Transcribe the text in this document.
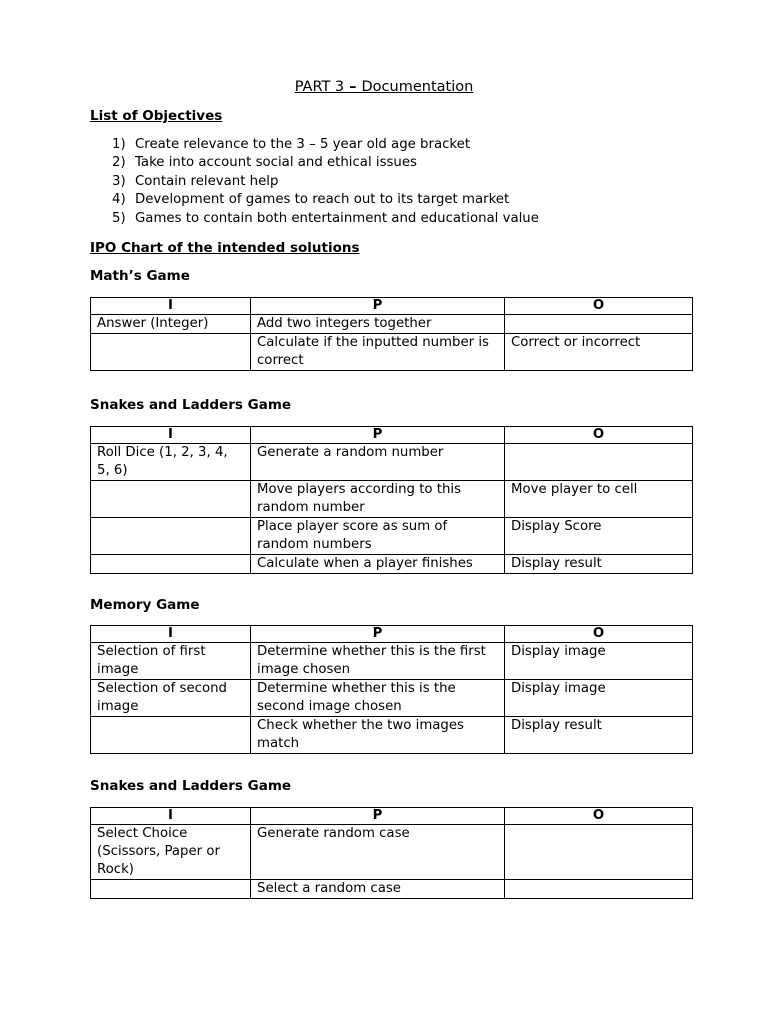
PART 3 – Documentation
List of Objectives
1) Create relevance to the 3 – 5 year old age bracket
2) Take into account social and ethical issues
3) Contain relevant help
4) Development of games to reach out to its target market
5) Games to contain both entertainment and educational value
IPO Chart of the intended solutions
Math’s Game
I	P	O
Answer (Integer)	Add two integers together	
	Calculate if the inputted number is correct	Correct or incorrect
Snakes and Ladders Game
I	P	O
Roll Dice (1, 2, 3, 4, 5, 6)	Generate a random number	
	Move players according to this random number	Move player to cell
	Place player score as sum of random numbers	Display Score
	Calculate when a player finishes	Display result
Memory Game
I	P	O
Selection of first image	Determine whether this is the first image chosen	Display image
Selection of second image	Determine whether this is the second image chosen	Display image
	Check whether the two images match	Display result
Snakes and Ladders Game
I	P	O
Select Choice (Scissors, Paper or Rock)	Generate random case	
	Select a random case	
